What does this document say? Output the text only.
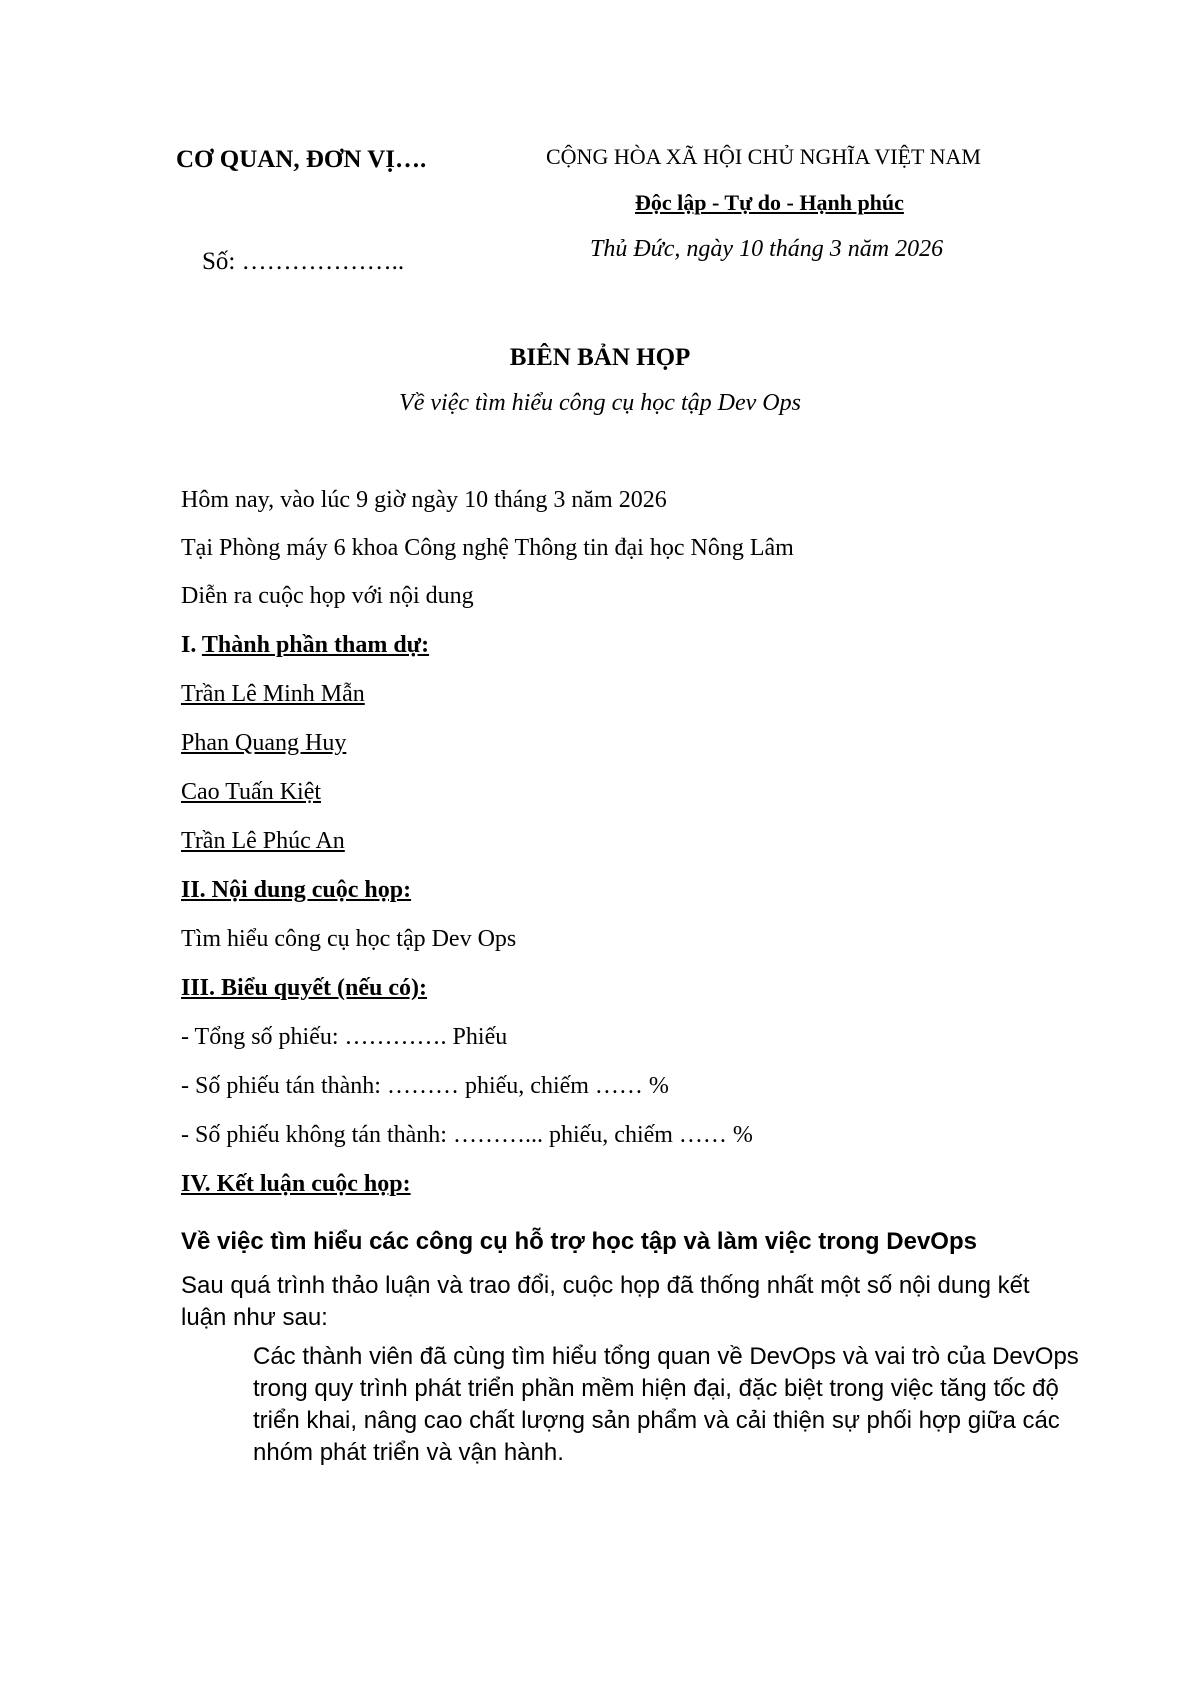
CƠ QUAN, ĐƠN VỊ….
Số: ………………..
CỘNG HÒA XÃ HỘI CHỦ NGHĨA VIỆT NAM
Độc lập - Tự do - Hạnh phúc
Thủ Đức, ngày 10 tháng 3 năm 2026
BIÊN BẢN HỌP
Về việc tìm hiểu công cụ học tập Dev Ops
Hôm nay, vào lúc 9 giờ ngày 10 tháng 3 năm 2026
Tại Phòng máy 6 khoa Công nghệ Thông tin đại học Nông Lâm
Diễn ra cuộc họp với nội dung
I. Thành phần tham dự:
Trần Lê Minh Mẫn
Phan Quang Huy
Cao Tuấn Kiệt
Trần Lê Phúc An
II. Nội dung cuộc họp:
Tìm hiểu công cụ học tập Dev Ops
III. Biểu quyết (nếu có):
- Tổng số phiếu: …………. Phiếu
- Số phiếu tán thành: ……… phiếu, chiếm …… %
- Số phiếu không tán thành: ………... phiếu, chiếm …… %
IV. Kết luận cuộc họp:
Về việc tìm hiểu các công cụ hỗ trợ học tập và làm việc trong DevOps
Sau quá trình thảo luận và trao đổi, cuộc họp đã thống nhất một số nội dung kết luận như sau:
Các thành viên đã cùng tìm hiểu tổng quan về DevOps và vai trò của DevOps trong quy trình phát triển phần mềm hiện đại, đặc biệt trong việc tăng tốc độ triển khai, nâng cao chất lượng sản phẩm và cải thiện sự phối hợp giữa các nhóm phát triển và vận hành.
